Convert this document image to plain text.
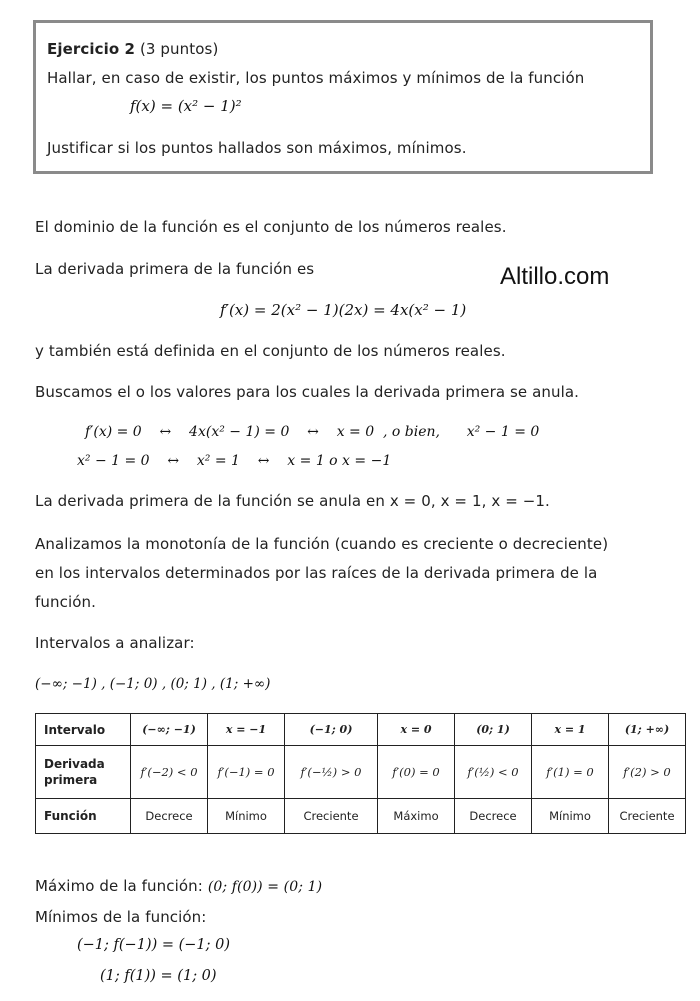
Ejercicio 2 (3 puntos)
Hallar, en caso de existir, los puntos máximos y mínimos de la función
f(x) = (x² − 1)²
Justificar si los puntos hallados son máximos, mínimos.
Altillo.com
El dominio de la función es el conjunto de los números reales.
La derivada primera de la función es
f′(x) = 2(x² − 1)(2x) = 4x(x² − 1)
y también está definida en el conjunto de los números reales.
Buscamos el o los valores para los cuales la derivada primera se anula.
f′(x) = 0    ↔    4x(x² − 1) = 0    ↔    x = 0  , o bien,      x² − 1 = 0
x² − 1 = 0    ↔    x² = 1    ↔    x = 1 o x = −1
La derivada primera de la función se anula en x = 0, x = 1, x = −1.
Analizamos la monotonía de la función (cuando es creciente o decreciente)
en los intervalos determinados por las raíces de la derivada primera de la
función.
Intervalos a analizar:
(−∞; −1) , (−1; 0) , (0; 1) , (1; +∞)
Intervalo	(−∞; −1)	x = −1	(−1; 0)	x = 0	(0; 1)	x = 1	(1; +∞)
Derivada primera	f′(−2) < 0	f′(−1) = 0	f′(−½) > 0	f′(0) = 0	f′(½) < 0	f′(1) = 0	f′(2) > 0
Función	Decrece	Mínimo	Creciente	Máximo	Decrece	Mínimo	Creciente
Máximo de la función: (0; f(0)) = (0; 1)
Mínimos de la función:
(−1; f(−1)) = (−1; 0)
(1; f(1)) = (1; 0)
